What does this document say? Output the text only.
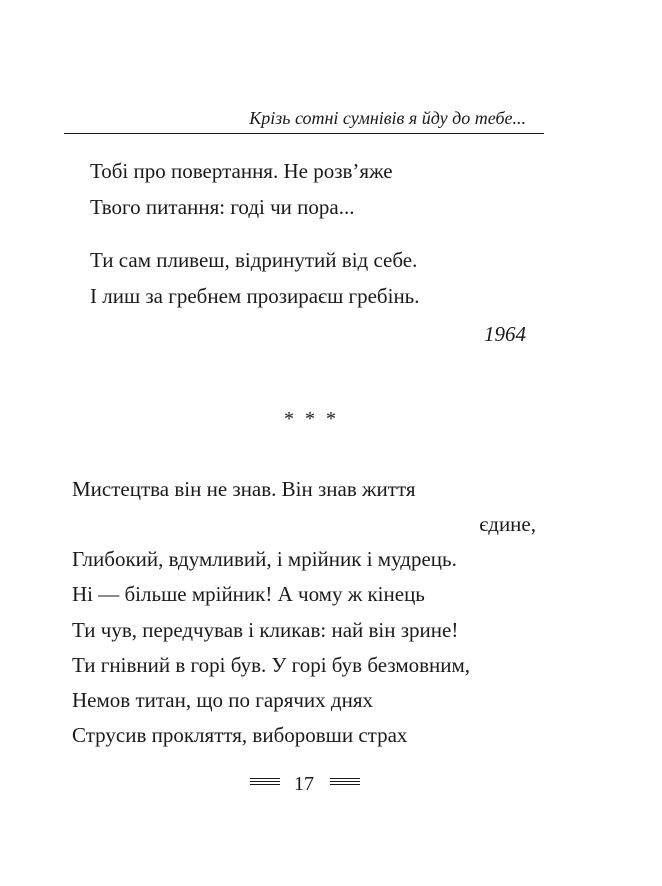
Крізь сотні сумнівів я йду до тебе...
Тобі про повертання. Не розв’яже
Твого питання: годі чи пора...
Ти сам пливеш, відринутий від себе.
І лиш за гребнем прозираєш гребінь.
1964
* * *
Мистецтва він не знав. Він знав життя
єдине,
Глибокий, вдумливий, і мрійник і мудрець.
Ні — більше мрійник! А чому ж кінець
Ти чув, передчував і кликав: най він зрине!
Ти гнівний в горі був. У горі був безмовним,
Немов титан, що по гарячих днях
Струсив прокляття, виборовши страх
17
